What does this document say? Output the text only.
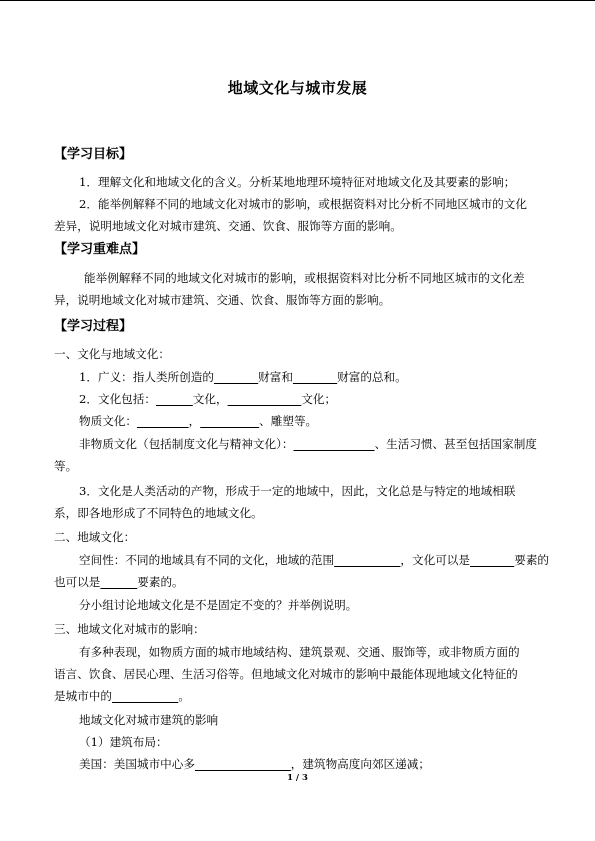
地域文化与城市发展
【学习目标】
1．理解文化和地域文化的含义。分析某地地理环境特征对地域文化及其要素的影响；
2．能举例解释不同的地域文化对城市的影响，或根据资料对比分析不同地区城市的文化
差异，说明地域文化对城市建筑、交通、饮食、服饰等方面的影响。
【学习重难点】
能举例解释不同的地域文化对城市的影响，或根据资料对比分析不同地区城市的文化差
异，说明地域文化对城市建筑、交通、饮食、服饰等方面的影响。
【学习过程】
一、文化与地域文化：
1．广义：指人类所创造的	财富和	财富的总和。
2．文化包括：	文化，	文化；
物质文化：	，	、雕塑等。
非物质文化（包括制度文化与精神文化）：	、生活习惯、甚至包括国家制度
等。
3．文化是人类活动的产物，形成于一定的地域中，因此，文化总是与特定的地域相联
系，即各地形成了不同特色的地域文化。
二、地域文化：
空间性：不同的地域具有不同的文化，地域的范围	，文化可以是	要素的
也可以是	要素的。
分小组讨论地域文化是不是固定不变的？并举例说明。
三、地域文化对城市的影响：
有多种表现，如物质方面的城市地域结构、建筑景观、交通、服饰等，或非物质方面的
语言、饮食、居民心理、生活习俗等。但地域文化对城市的影响中最能体现地域文化特征的
是城市中的	。
地域文化对城市建筑的影响
（1）建筑布局：
美国：美国城市中心多	，建筑物高度向郊区递减；
1 / 3
